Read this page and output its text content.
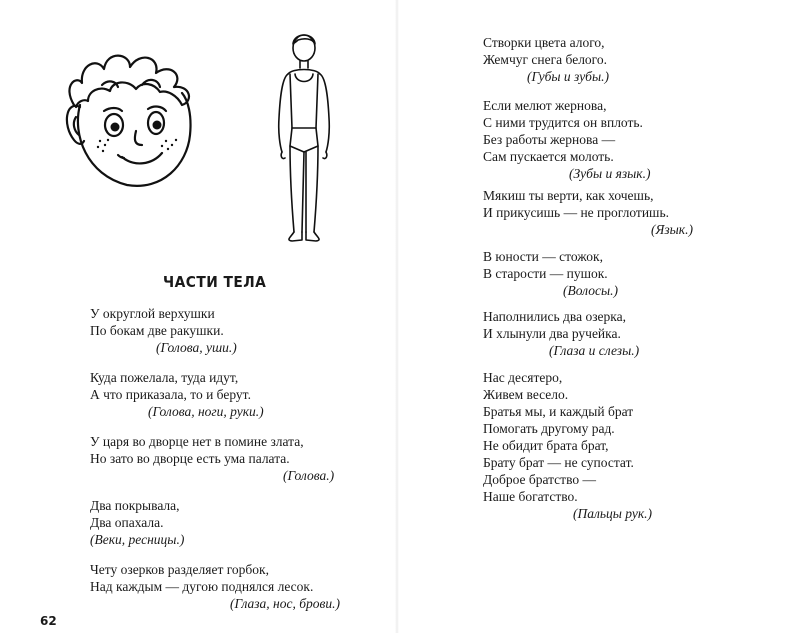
ЧАСТИ ТЕЛА
У округлой верхушки
По бокам две ракушки.
(Голова, уши.)
Куда пожелала, туда идут,
А что приказала, то и берут.
(Голова, ноги, руки.)
У царя во дворце нет в помине злата,
Но зато во дворце есть ума палата.
(Голова.)
Два покрывала,
Два опахала.
(Веки, ресницы.)
Чету озерков разделяет горбок,
Над каждым — дугою поднялся лесок.
(Глаза, нос, брови.)
62
Створки цвета алого,
Жемчуг снега белого.
(Губы и зубы.)
Если мелют жернова,
С ними трудится он вплоть.
Без работы жернова —
Сам пускается молоть.
(Зубы и язык.)
Мякиш ты верти, как хочешь,
И прикусишь — не проглотишь.
(Язык.)
В юности — стожок,
В старости — пушок.
(Волосы.)
Наполнились два озерка,
И хлынули два ручейка.
(Глаза и слезы.)
Нас десятеро,
Живем весело.
Братья мы, и каждый брат
Помогать другому рад.
Не обидит брата брат,
Брату брат — не супостат.
Доброе братство —
Наше богатство.
(Пальцы рук.)
